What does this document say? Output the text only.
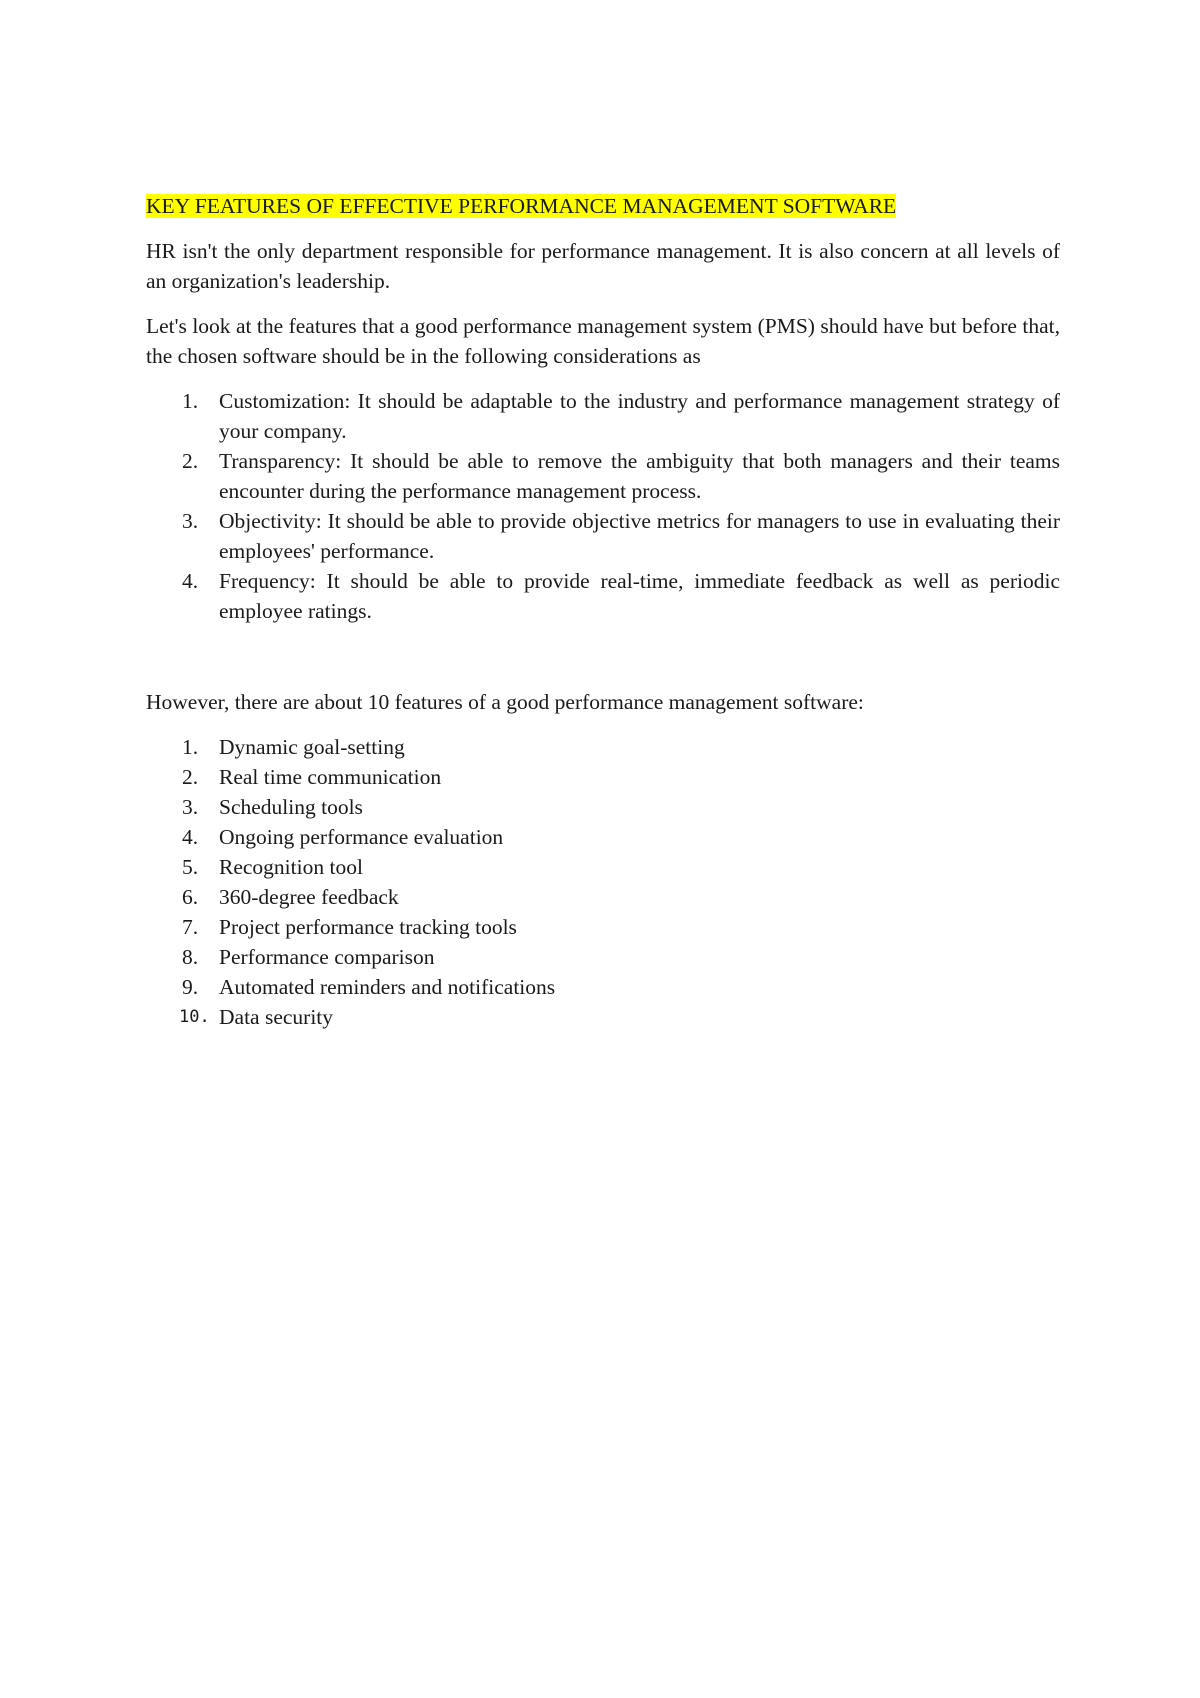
KEY FEATURES OF EFFECTIVE PERFORMANCE MANAGEMENT SOFTWARE

HR isn't the only department responsible for performance management. It is also concern at all levels of an organization's leadership.

Let's look at the features that a good performance management system (PMS) should have but before that, the chosen software should be in the following considerations as

1. Customization: It should be adaptable to the industry and performance management strategy of your company.
2. Transparency: It should be able to remove the ambiguity that both managers and their teams encounter during the performance management process.
3. Objectivity: It should be able to provide objective metrics for managers to use in evaluating their employees' performance.
4. Frequency: It should be able to provide real-time, immediate feedback as well as periodic employee ratings.

However, there are about 10 features of a good performance management software:

1. Dynamic goal-setting
2. Real time communication
3. Scheduling tools
4. Ongoing performance evaluation
5. Recognition tool
6. 360-degree feedback
7. Project performance tracking tools
8. Performance comparison
9. Automated reminders and notifications
10. Data security
